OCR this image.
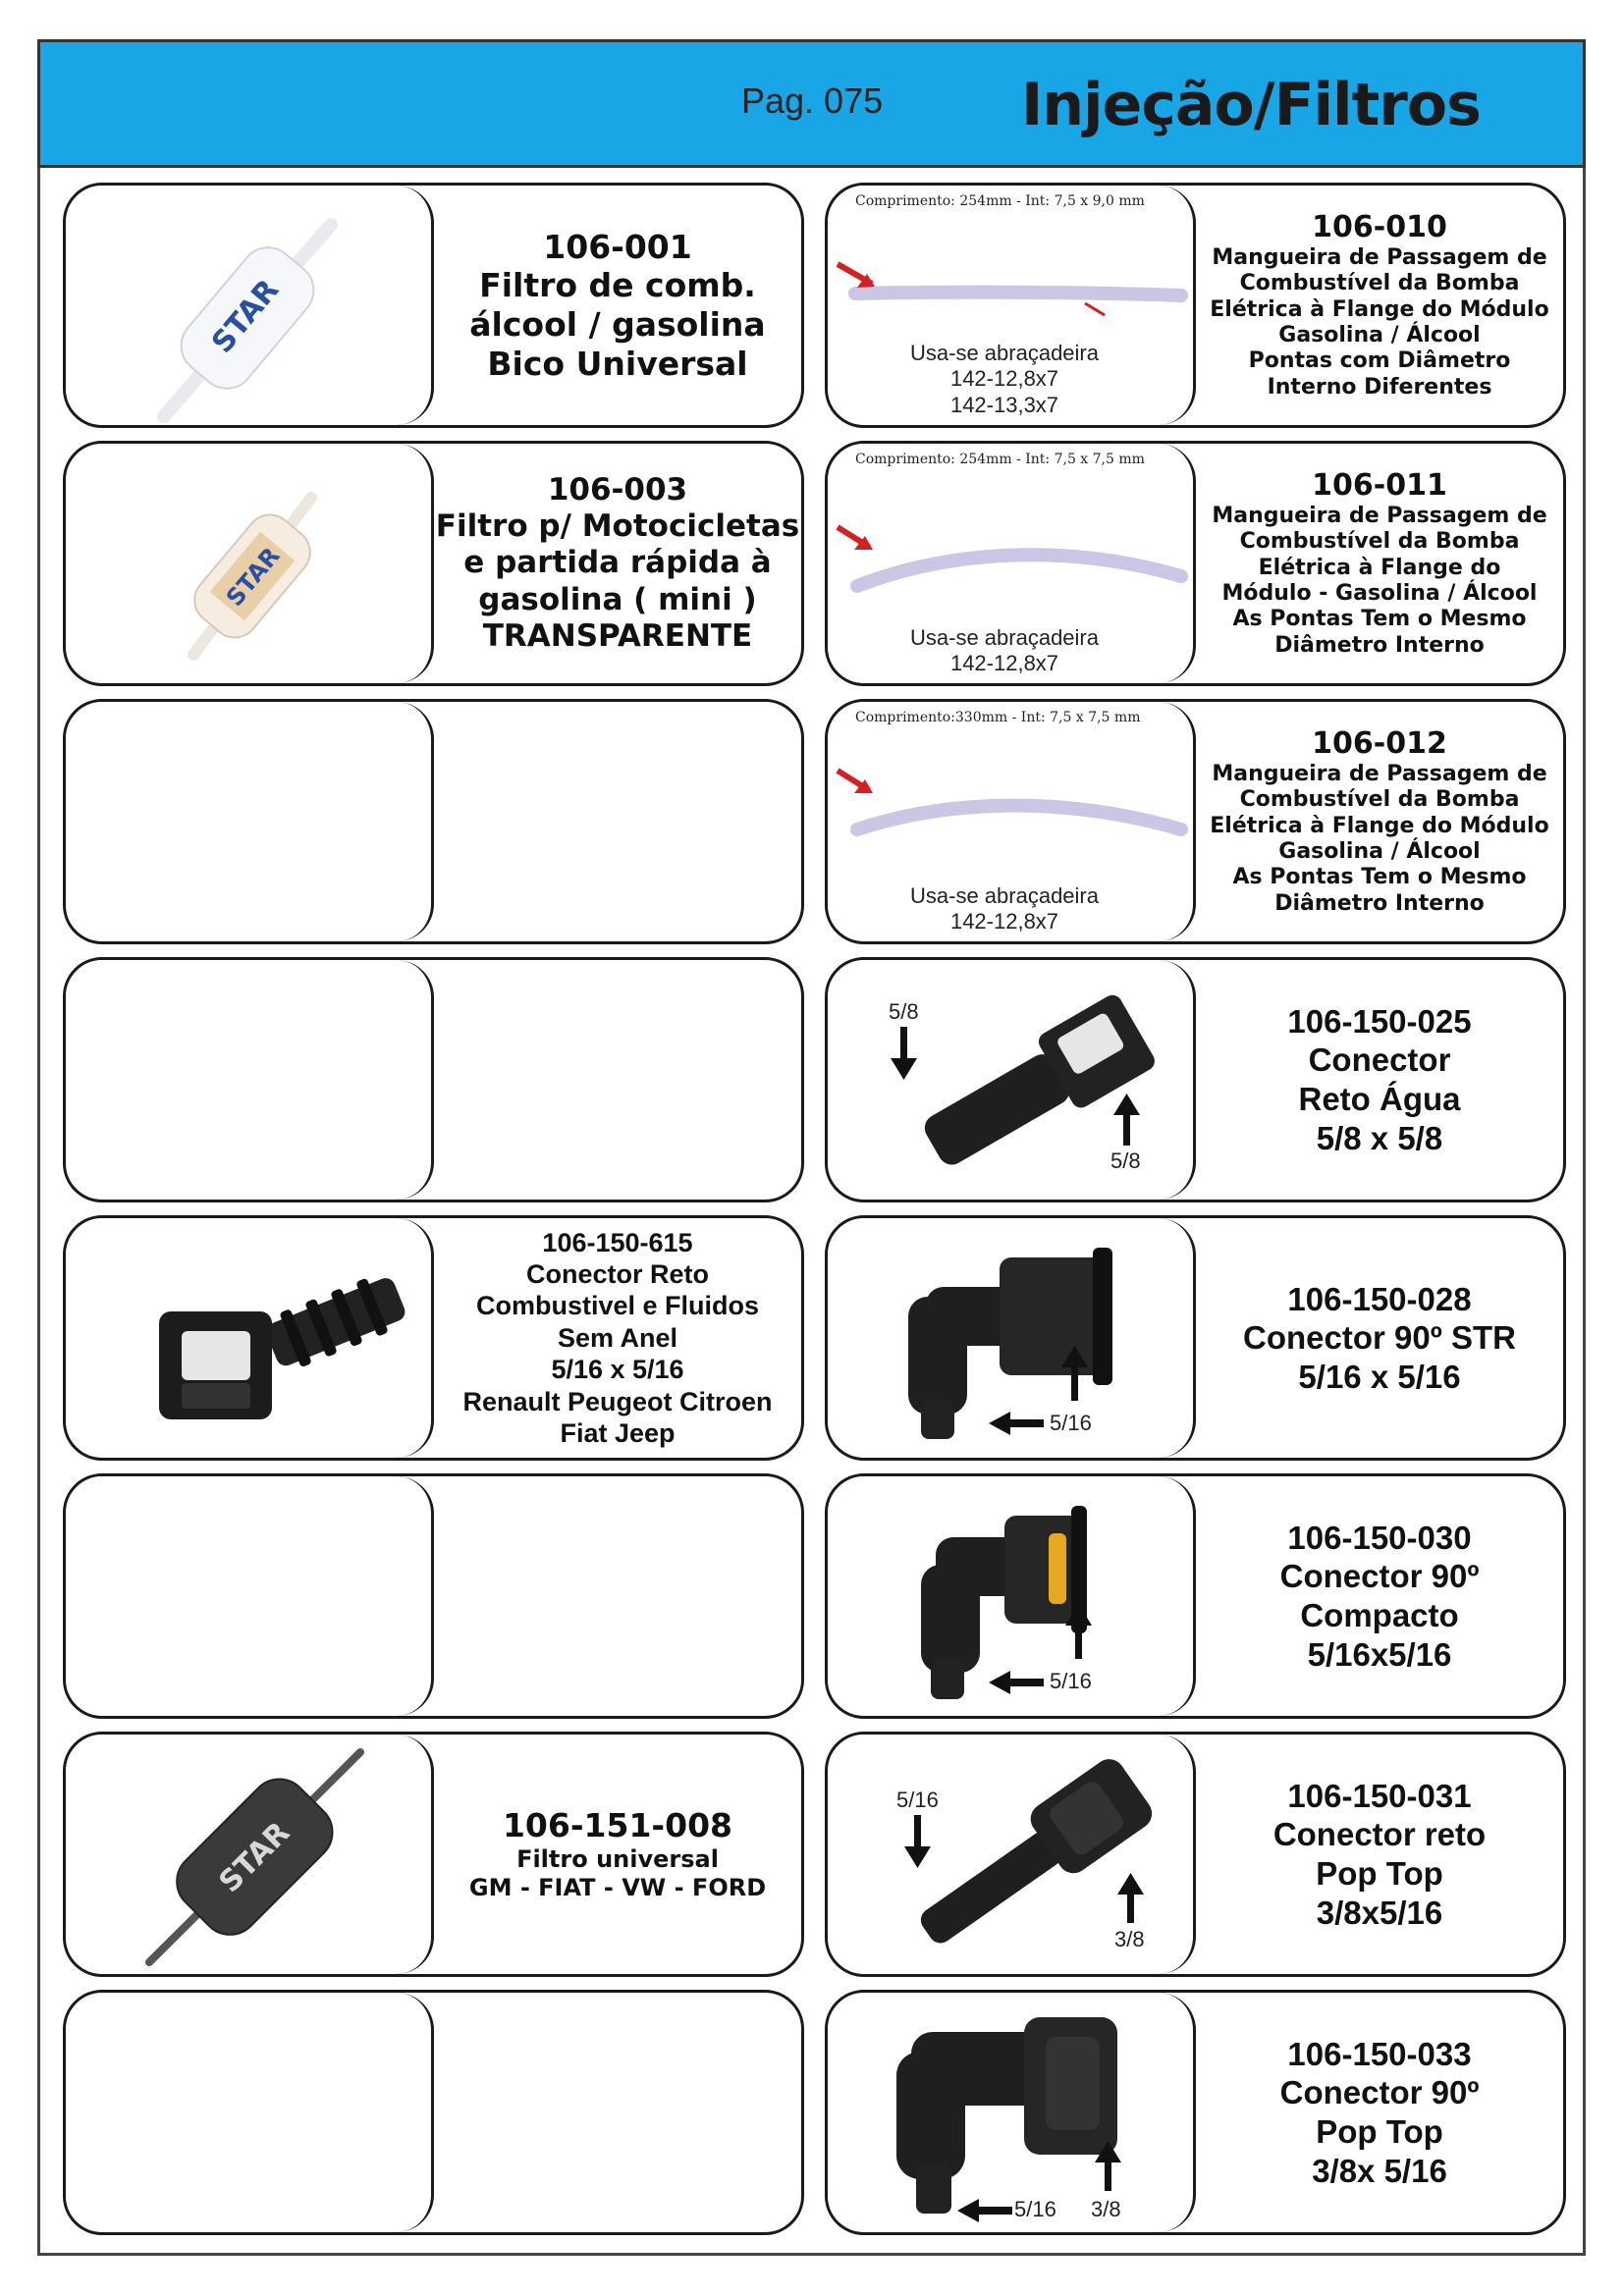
Pag. 075 Injeção/Filtros
STAR
106-001
Filtro de comb.
álcool / gasolina
Bico Universal
STAR
106-003
Filtro p/ Motocicletas
e partida rápida à
gasolina ( mini )
TRANSPARENTE
106-150-615
Conector Reto
Combustivel e Fluidos
Sem Anel
5/16 x 5/16
Renault Peugeot Citroen
Fiat Jeep
STAR	106-151-008
Filtro universal
GM - FIAT - VW - FORD
Comprimento: 254mm - Int: 7,5 x 9,0 mm
Usa-se abraçadeira
142-12,8x7
142-13,3x7
106-010
Mangueira de Passagem de
Combustível da Bomba
Elétrica à Flange do Módulo
Gasolina / Álcool
Pontas com Diâmetro
Interno Diferentes
Comprimento: 254mm - Int: 7,5 x 7,5 mm
Usa-se abraçadeira
142-12,8x7
106-011
Mangueira de Passagem de
Combustível da Bomba
Elétrica à Flange do
Módulo - Gasolina / Álcool
As Pontas Tem o Mesmo
Diâmetro Interno
Comprimento:330mm - Int: 7,5 x 7,5 mm
Usa-se abraçadeira
142-12,8x7
106-012
Mangueira de Passagem de
Combustível da Bomba
Elétrica à Flange do Módulo
Gasolina / Álcool
As Pontas Tem o Mesmo
Diâmetro Interno
5/8
5/8
106-150-025
Conector
Reto Água
5/8 x 5/8
5/16
106-150-028
Conector 90º STR
5/16 x 5/16
5/16
106-150-030
Conector 90º
Compacto
5/16x5/16
5/16
3/8
106-150-031
Conector reto
Pop Top
3/8x5/16
5/16 3/8
106-150-033
Conector 90º
Pop Top
3/8x 5/16
